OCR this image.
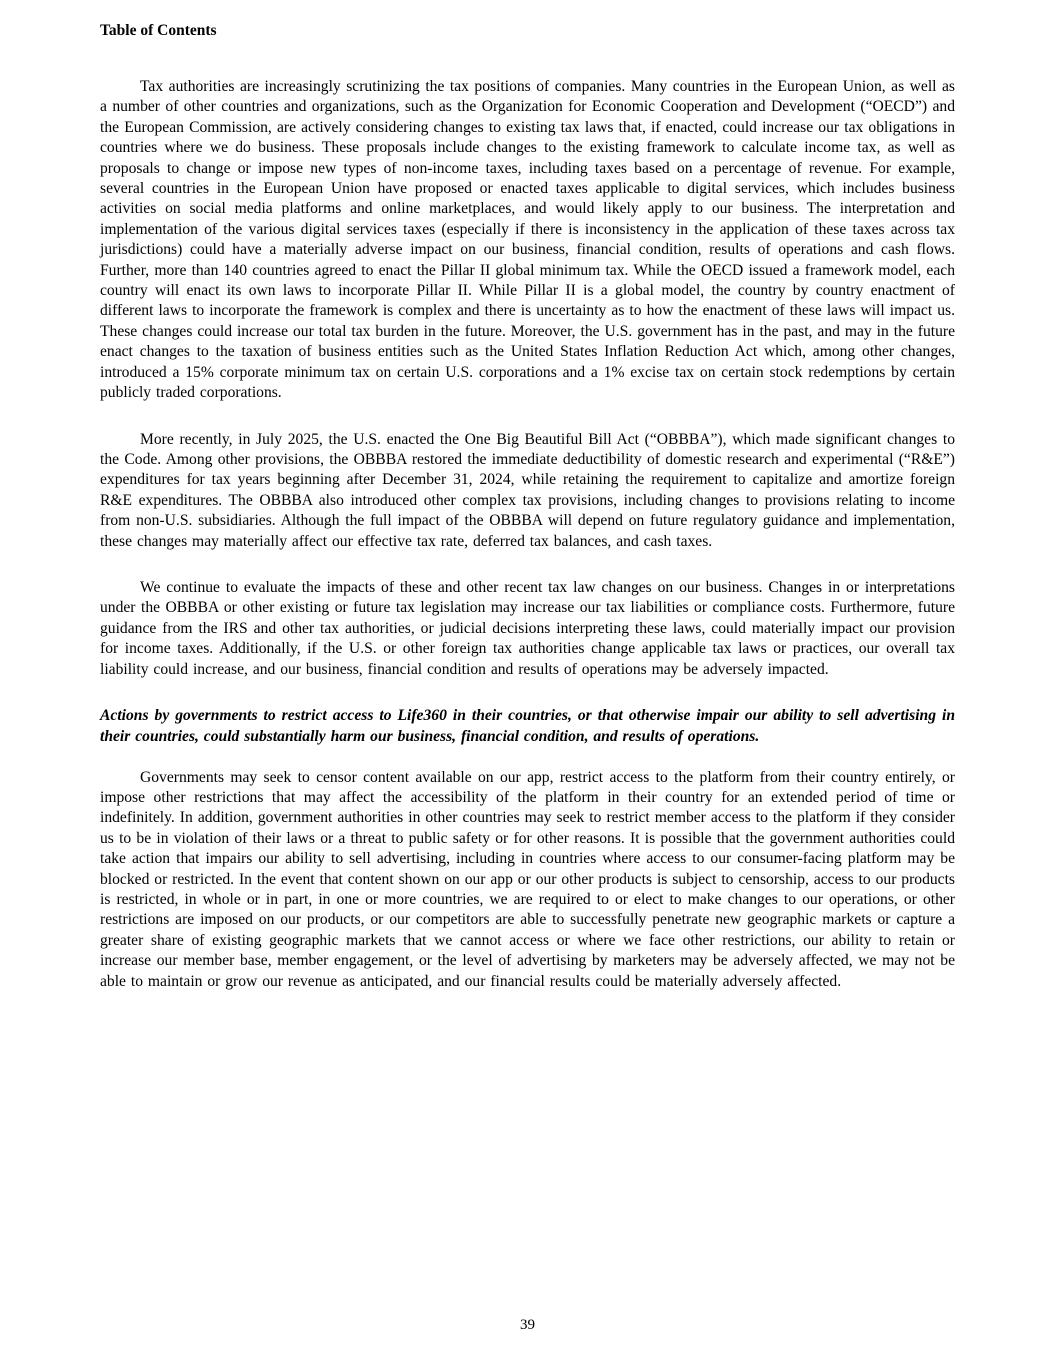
Table of Contents

Tax authorities are increasingly scrutinizing the tax positions of companies. Many countries in the European Union, as well as a number of other countries and organizations, such as the Organization for Economic Cooperation and Development (“OECD”) and the European Commission, are actively considering changes to existing tax laws that, if enacted, could increase our tax obligations in countries where we do business. These proposals include changes to the existing framework to calculate income tax, as well as proposals to change or impose new types of non-income taxes, including taxes based on a percentage of revenue. For example, several countries in the European Union have proposed or enacted taxes applicable to digital services, which includes business activities on social media platforms and online marketplaces, and would likely apply to our business. The interpretation and implementation of the various digital services taxes (especially if there is inconsistency in the application of these taxes across tax jurisdictions) could have a materially adverse impact on our business, financial condition, results of operations and cash flows. Further, more than 140 countries agreed to enact the Pillar II global minimum tax. While the OECD issued a framework model, each country will enact its own laws to incorporate Pillar II. While Pillar II is a global model, the country by country enactment of different laws to incorporate the framework is complex and there is uncertainty as to how the enactment of these laws will impact us. These changes could increase our total tax burden in the future. Moreover, the U.S. government has in the past, and may in the future enact changes to the taxation of business entities such as the United States Inflation Reduction Act which, among other changes, introduced a 15% corporate minimum tax on certain U.S. corporations and a 1% excise tax on certain stock redemptions by certain publicly traded corporations.

More recently, in July 2025, the U.S. enacted the One Big Beautiful Bill Act (“OBBBA”), which made significant changes to the Code. Among other provisions, the OBBBA restored the immediate deductibility of domestic research and experimental (“R&E”) expenditures for tax years beginning after December 31, 2024, while retaining the requirement to capitalize and amortize foreign R&E expenditures. The OBBBA also introduced other complex tax provisions, including changes to provisions relating to income from non-U.S. subsidiaries. Although the full impact of the OBBBA will depend on future regulatory guidance and implementation, these changes may materially affect our effective tax rate, deferred tax balances, and cash taxes.

We continue to evaluate the impacts of these and other recent tax law changes on our business. Changes in or interpretations under the OBBBA or other existing or future tax legislation may increase our tax liabilities or compliance costs. Furthermore, future guidance from the IRS and other tax authorities, or judicial decisions interpreting these laws, could materially impact our provision for income taxes. Additionally, if the U.S. or other foreign tax authorities change applicable tax laws or practices, our overall tax liability could increase, and our business, financial condition and results of operations may be adversely impacted.

Actions by governments to restrict access to Life360 in their countries, or that otherwise impair our ability to sell advertising in their countries, could substantially harm our business, financial condition, and results of operations.

Governments may seek to censor content available on our app, restrict access to the platform from their country entirely, or impose other restrictions that may affect the accessibility of the platform in their country for an extended period of time or indefinitely. In addition, government authorities in other countries may seek to restrict member access to the platform if they consider us to be in violation of their laws or a threat to public safety or for other reasons. It is possible that the government authorities could take action that impairs our ability to sell advertising, including in countries where access to our consumer-facing platform may be blocked or restricted. In the event that content shown on our app or our other products is subject to censorship, access to our products is restricted, in whole or in part, in one or more countries, we are required to or elect to make changes to our operations, or other restrictions are imposed on our products, or our competitors are able to successfully penetrate new geographic markets or capture a greater share of existing geographic markets that we cannot access or where we face other restrictions, our ability to retain or increase our member base, member engagement, or the level of advertising by marketers may be adversely affected, we may not be able to maintain or grow our revenue as anticipated, and our financial results could be materially adversely affected.

39
